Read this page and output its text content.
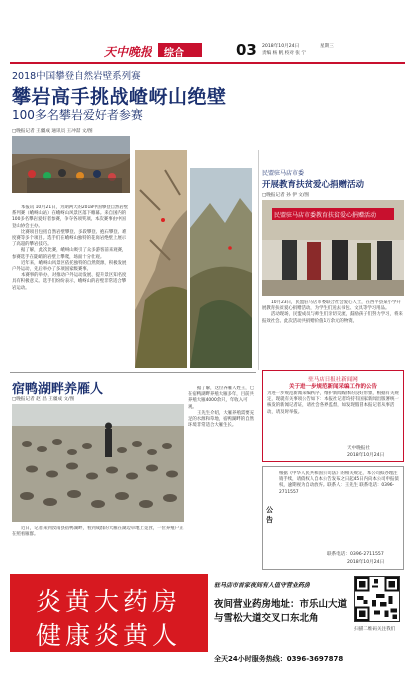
天中晚报 综合	03 2018年10月24日	星期三
责编 杨 帆 校对 张 宁
2018中国攀登自然岩壁系列赛
攀岩高手挑战嵖岈山绝壁
100多名攀岩爱好者参赛
□晚报记者 王疆成 通讯员 王冲喆 文/图

本报讯 10月21日，为期两天的2018中国攀登自然岩壁系列赛（嵖岈山站）在嵖岈山风景区落下帷幕。来自国内的100多名攀岩爱好者参赛，争夺各项奖项。本次赛事由中国登山协会主办。

比赛项目包括自然岩壁攀登、多段攀登、抱石攀登、难度赛等多个项目。选手们在嵖岈山独特的花岗岩绝壁上展示了高超的攀岩技巧。

据了解，此次比赛，嵖岈山吸引了众多游客前来观赛，参赛选手在陡峭的岩壁上攀爬，场面十分壮观。

近年来，嵖岈山风景区依托独特的自然资源，积极发展户外运动，先后举办了多项国家级赛事。

本赛事的举办，对推动户外运动发展、提升景区知名度具有积极意义。选手们纷纷表示，嵖岈山的岩壁非常适合攀岩运动。

民盟驻马店市委
开展教育扶贫爱心捐赠活动
□晚报记者 孙 伊 文/图
民盟驻马店市委教育扶贫爱心捐赠活动

10月23日，民盟驻马店市委联合社会爱心人士，在西平县某小学开展教育扶贫爱心捐赠活动，为学生们送去书包、文具等学习用品。

活动现场，民盟成员与师生们亲切交流，鼓励孩子们努力学习，将来报效社会。此次活动共捐赠价值1万余元的物资。

驻马店日报社新闻网
关于进一步规范新闻采编工作的公告
为进一步规范新闻采编秩序，维护新闻媒体的良好形象，根据有关规定，现就有关事项公告如下：本报社记者均持有国家新闻出版署统一核发的新闻记者证，请社会各界监督，如发现假冒本报记者从事活动，请及时举报。
天中晚报社
2018年10月24日
宿鸭湖畔养雁人
□晚报记者 赵 昌 王疆成 文/图

据了解，这位养雁人姓王，已在宿鸭湖畔养殖大雁多年，目前共养殖大雁4000余只，年收入可观。

王先生介绍，大雁养殖需要充足的水源和草地，宿鸭湖畔的自然环境非常适合大雁生长。

近日，记者来到汝南县宿鸭湖畔，看到成群的大雁在湖边草地上觅食，一位养殖户正在照看雁群。

公告
根据《中华人民共和国公司法》的相关规定，本公司拟办理注销手续，请债权人自本公告发布之日起45日内向本公司申报债权，逾期视为自动放弃。联系人：王先生 联系电话：0396-2711557
联系电话：0396-2711557
2018年10月24日
炎黄大药房
健康炎黄人
驻马店市首家夜间有人值守营业药房
夜间营业药房地址：市乐山大道
与雪松大道交叉口东北角
扫描二维码关注我们
全天24小时服务热线：0396-3697878
